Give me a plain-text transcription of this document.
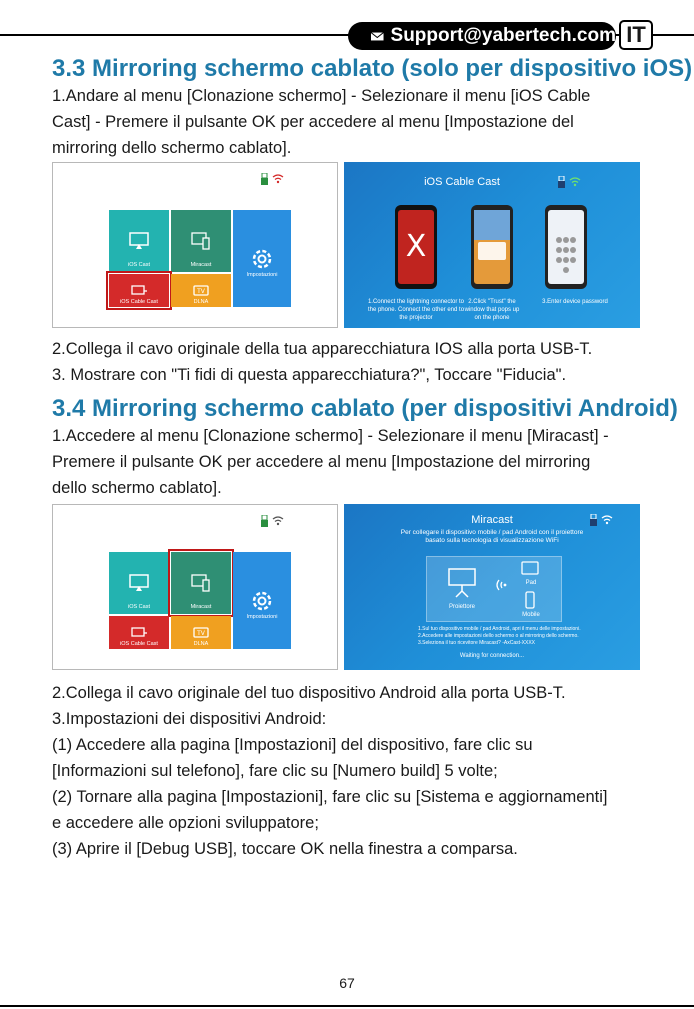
Support@yabertech.com IT
3.3 Mirroring schermo cablato (solo per dispositivo iOS)
1.Andare al menu [Clonazione schermo] - Selezionare il menu [iOS Cable
Cast] - Premere il pulsante OK per accedere al menu [Impostazione del
mirroring dello schermo cablato].
iOS Cast	Miracast
Impostazioni
iOS Cable Cast
TV
DLNA
iOS Cable Cast
X
1.Connect the lightning connector to the phone. Connect the other end to the projector
2.Click "Trust" the window that pops up on the phone
3.Enter device password
2.Collega il cavo originale della tua apparecchiatura IOS alla porta USB-T.
3. Mostrare con "Ti fidi di questa apparecchiatura?", Toccare "Fiducia".
3.4 Mirroring schermo cablato (per dispositivi Android)
1.Accedere al menu [Clonazione schermo] - Selezionare il menu [Miracast] -
Premere il pulsante OK per accedere al menu [Impostazione del mirroring
dello schermo cablato].
iOS Cast	Miracast
Impostazioni
iOS Cable Cast
TV
DLNA
Miracast
Per collegare il dispositivo mobile / pad Android con il proiettore
basato sulla tecnologia di visualizzazione WiFi
Proiettore
Pad
Mobile
1.Sul tuo dispositivo mobile / pad Android, apri il menu delle impostazioni.
2.Accedere alle impostazioni dello schermo o al mirroring dello schermo.
3.Seleziona il tuo ricevitore Miracast? -AxCast-XXXX
Waiting for connection...
2.Collega il cavo originale del tuo dispositivo Android alla porta USB-T.
3.Impostazioni dei dispositivi Android:
(1) Accedere alla pagina [Impostazioni] del dispositivo, fare clic su
[Informazioni sul telefono], fare clic su [Numero build] 5 volte;
(2) Tornare alla pagina [Impostazioni], fare clic su [Sistema e aggiornamenti]
e accedere alle opzioni sviluppatore;
(3) Aprire il [Debug USB], toccare OK nella finestra a comparsa.
67
